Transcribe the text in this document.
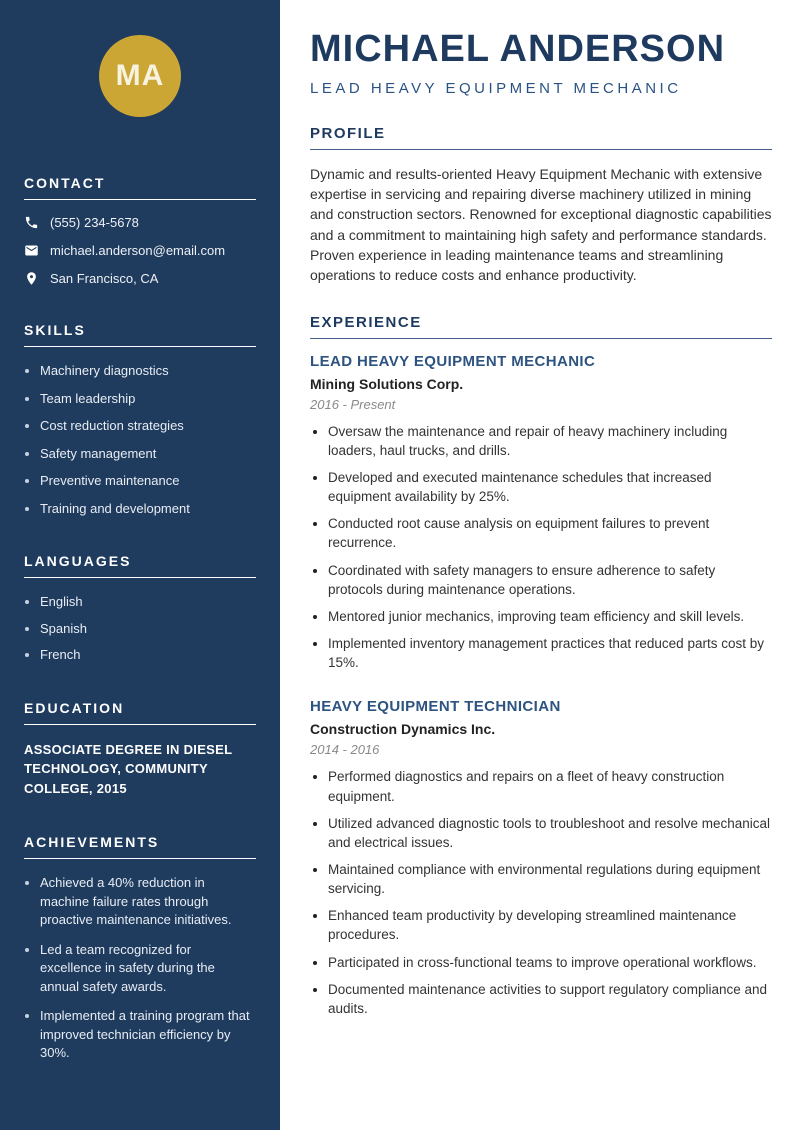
MA
CONTACT
(555) 234-5678
michael.anderson@email.com
San Francisco, CA
SKILLS
• Machinery diagnostics
• Team leadership
• Cost reduction strategies
• Safety management
• Preventive maintenance
• Training and development
LANGUAGES
• English
• Spanish
• French
EDUCATION
ASSOCIATE DEGREE IN DIESEL TECHNOLOGY, COMMUNITY COLLEGE, 2015
ACHIEVEMENTS
• Achieved a 40% reduction in machine failure rates through proactive maintenance initiatives.
• Led a team recognized for excellence in safety during the annual safety awards.
• Implemented a training program that improved technician efficiency by 30%.
MICHAEL ANDERSON
LEAD HEAVY EQUIPMENT MECHANIC
PROFILE

Dynamic and results-oriented Heavy Equipment Mechanic with extensive expertise in servicing and repairing diverse machinery utilized in mining and construction sectors. Renowned for exceptional diagnostic capabilities and a commitment to maintaining high safety and performance standards. Proven experience in leading maintenance teams and streamlining operations to reduce costs and enhance productivity.

EXPERIENCE
LEAD HEAVY EQUIPMENT MECHANIC
Mining Solutions Corp.
2016 - Present
• Oversaw the maintenance and repair of heavy machinery including loaders, haul trucks, and drills.
• Developed and executed maintenance schedules that increased equipment availability by 25%.
• Conducted root cause analysis on equipment failures to prevent recurrence.
• Coordinated with safety managers to ensure adherence to safety protocols during maintenance operations.
• Mentored junior mechanics, improving team efficiency and skill levels.
• Implemented inventory management practices that reduced parts cost by 15%.
HEAVY EQUIPMENT TECHNICIAN
Construction Dynamics Inc.
2014 - 2016
• Performed diagnostics and repairs on a fleet of heavy construction equipment.
• Utilized advanced diagnostic tools to troubleshoot and resolve mechanical and electrical issues.
• Maintained compliance with environmental regulations during equipment servicing.
• Enhanced team productivity by developing streamlined maintenance procedures.
• Participated in cross-functional teams to improve operational workflows.
• Documented maintenance activities to support regulatory compliance and audits.
